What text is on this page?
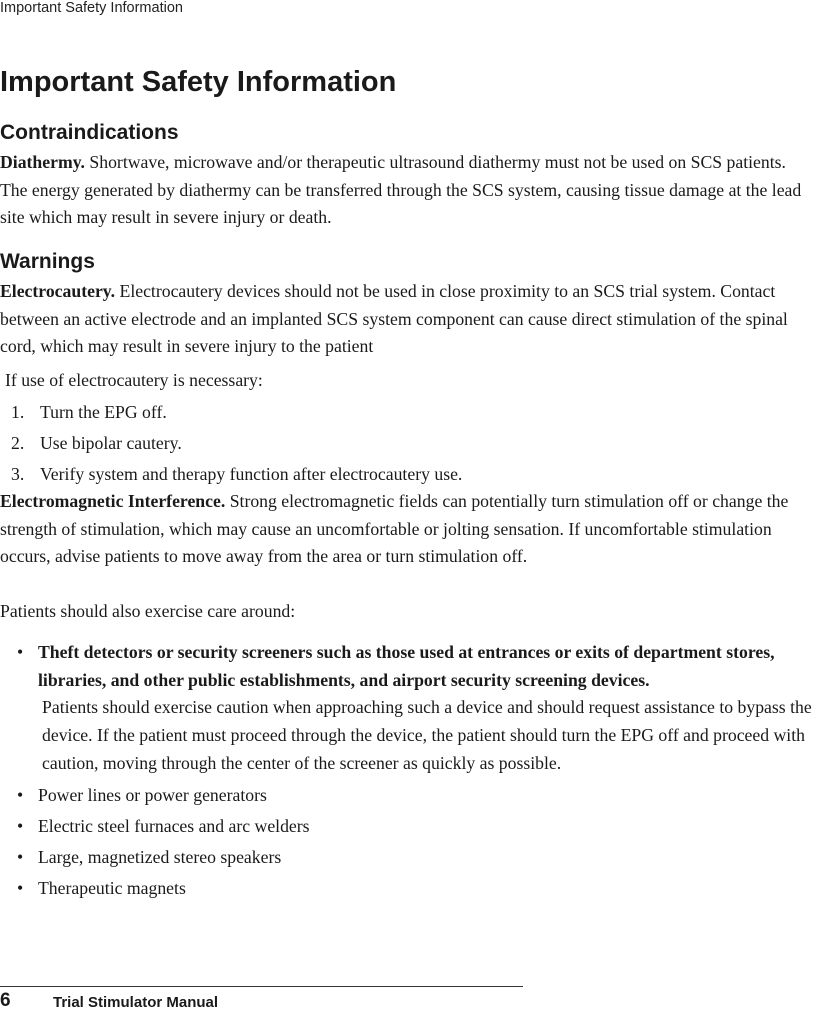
Important Safety Information
Important Safety Information
Contraindications

Diathermy. Shortwave, microwave and/or therapeutic ultrasound diathermy must not be used on SCS patients. The energy generated by diathermy can be transferred through the SCS system, causing tissue damage at the lead site which may result in severe injury or death.

Warnings

Electrocautery. Electrocautery devices should not be used in close proximity to an SCS trial system. Contact between an active electrode and an implanted SCS system component can cause direct stimulation of the spinal cord, which may result in severe injury to the patient

If use of electrocautery is necessary:

1. Turn the EPG off.
2. Use bipolar cautery.
3. Verify system and therapy function after electrocautery use.

Electromagnetic Interference. Strong electromagnetic fields can potentially turn stimulation off or change the strength of stimulation, which may cause an uncomfortable or jolting sensation. If uncomfortable stimulation occurs, advise patients to move away from the area or turn stimulation off.

Patients should also exercise care around:

• Theft detectors or security screeners such as those used at entrances or exits of department stores, libraries, and other public establishments, and airport security screening devices.
Patients should exercise caution when approaching such a device and should request assistance to bypass the device. If the patient must proceed through the device, the patient should turn the EPG off and proceed with caution, moving through the center of the screener as quickly as possible.
• Power lines or power generators
• Electric steel furnaces and arc welders
• Large, magnetized stereo speakers
• Therapeutic magnets
6	Trial Stimulator Manual
